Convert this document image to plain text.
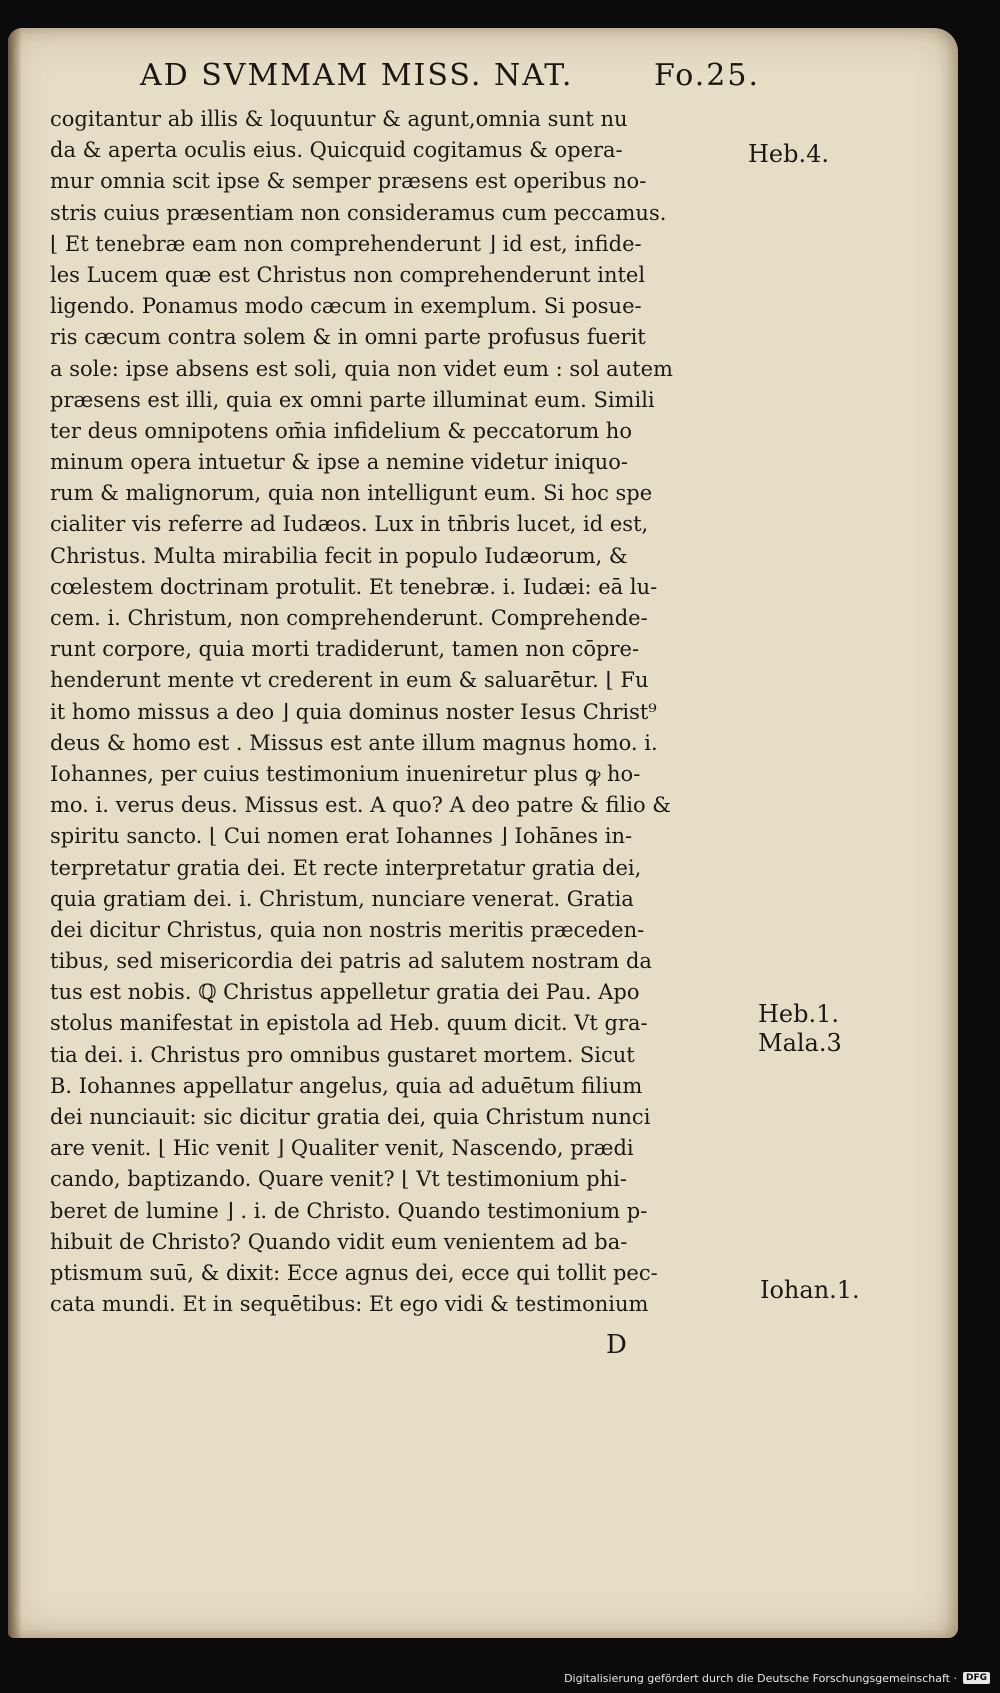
AD SVMMAM MISS. NAT.	Fo.25.
cogitantur ab illis & loquuntur & agunt,omnia sunt nu
da & aperta oculis eius. Quicquid cogitamus & opera-
mur omnia scit ipse & semper præsens est operibus no-
stris cuius præsentiam non consideramus cum peccamus.
⌊ Et tenebræ eam non comprehenderunt ⌋ id est, infide-
les Lucem quæ est Christus non comprehenderunt intel
ligendo. Ponamus modo cæcum in exemplum. Si posue-
ris cæcum contra solem & in omni parte profusus fuerit
a sole: ipse absens est soli, quia non videt eum : sol autem
præsens est illi, quia ex omni parte illuminat eum. Simili
ter deus omnipotens om̄ia infidelium & peccatorum ho
minum opera intuetur & ipse a nemine videtur iniquo-
rum & malignorum, quia non intelligunt eum. Si hoc spe
cialiter vis referre ad Iudæos. Lux in tn̄bris lucet, id est,
Christus. Multa mirabilia fecit in populo Iudæorum, &
cœlestem doctrinam protulit. Et tenebræ. i. Iudæi: eā lu-
cem. i. Christum, non comprehenderunt. Comprehende-
runt corpore, quia morti tradiderunt, tamen non cōpre-
henderunt mente vt crederent in eum & saluarētur. ⌊ Fu
it homo missus a deo ⌋ quia dominus noster Iesus Christ⁹
deus & homo est . Missus est ante illum magnus homo. i.
Iohannes, per cuius testimonium inueniretur plus ꝙ ho-
mo. i. verus deus. Missus est. A quo? A deo patre & filio &
spiritu sancto. ⌊ Cui nomen erat Iohannes ⌋ Iohānes in-
terpretatur gratia dei. Et recte interpretatur gratia dei,
quia gratiam dei. i. Christum, nunciare venerat. Gratia
dei dicitur Christus, quia non nostris meritis præceden-
tibus, sed misericordia dei patris ad salutem nostram da
tus est nobis. ℚ Christus appelletur gratia dei Pau. Apo
stolus manifestat in epistola ad Heb. quum dicit. Vt gra-
tia dei. i. Christus pro omnibus gustaret mortem. Sicut
B. Iohannes appellatur angelus, quia ad aduētum filium
dei nunciauit: sic dicitur gratia dei, quia Christum nunci
are venit. ⌊ Hic venit ⌋ Qualiter venit, Nascendo, prædi
cando, baptizando. Quare venit? ⌊ Vt testimonium phi-
beret de lumine ⌋ . i. de Christo. Quando testimonium p-
hibuit de Christo? Quando vidit eum venientem ad ba-
ptismum suū, & dixit: Ecce agnus dei, ecce qui tollit pec-
cata mundi. Et in sequētibus: Et ego vidi & testimonium
Heb.4.
Heb.1.
Mala.3
Iohan.1.
D
Digitalisierung gefördert durch die Deutsche Forschungsgemeinschaft ·	DFG
